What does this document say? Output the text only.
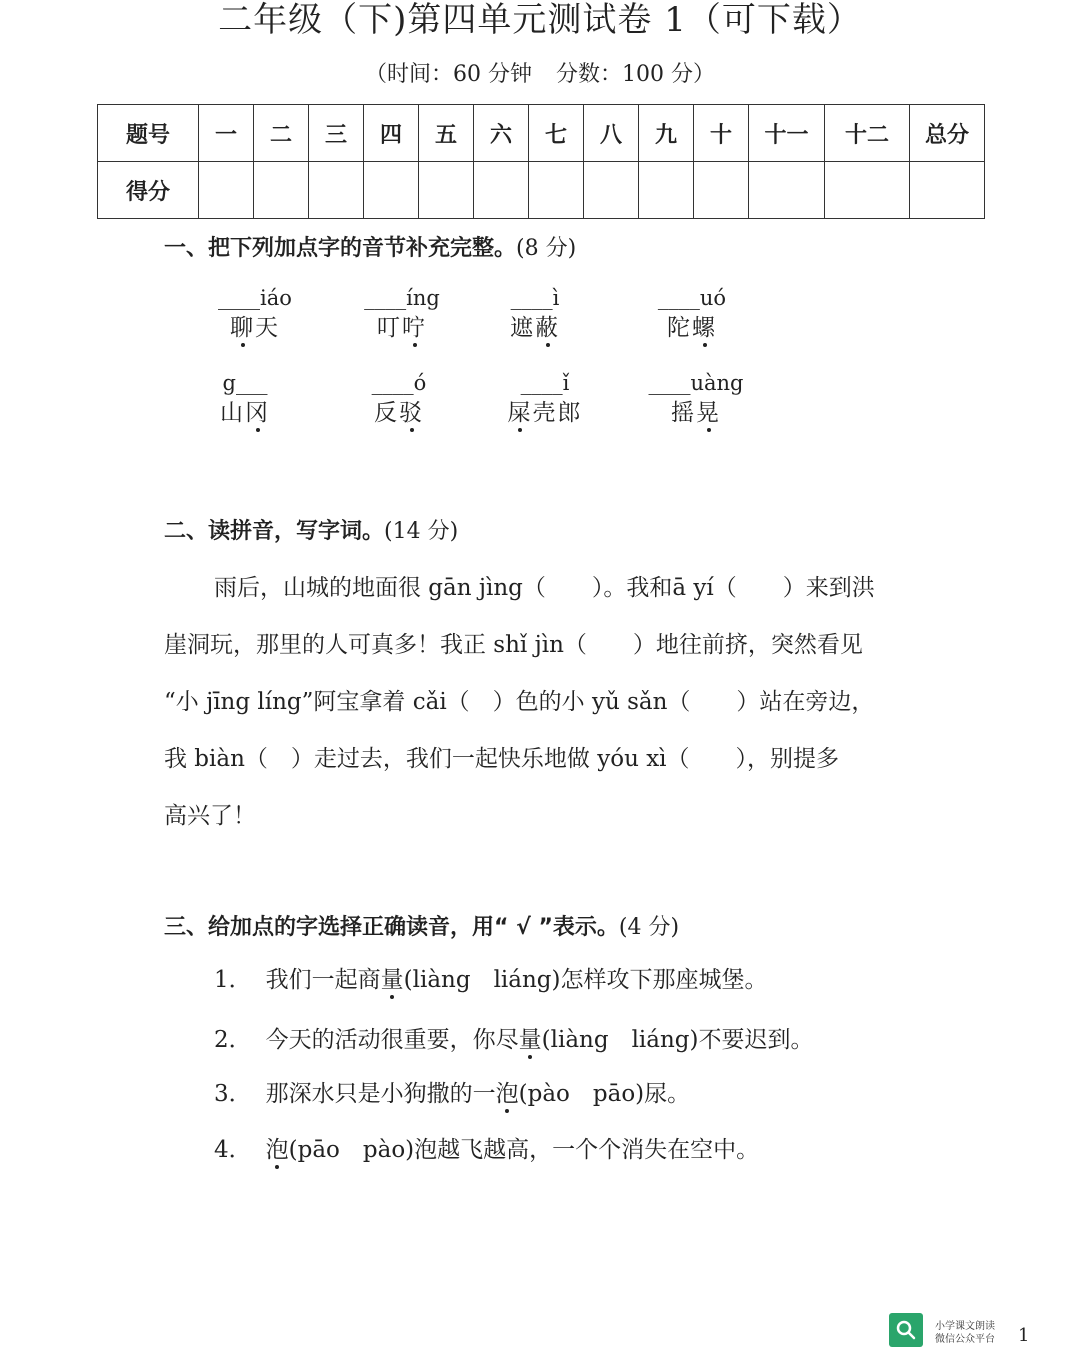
二年级（下)第四单元测试卷 1（可下载）
（时间：60 分钟 分数：100 分）
题号	一	二	三	四	五	六	七	八	九	十	十一	十二	总分
得分													
一、把下列加点字的音节补充完整。(8 分)
____iáo
聊天
____íng
叮咛
____ì
遮蔽
____uó
陀螺
g___
山冈
____ó
反驳
____ǐ
屎壳郎
____uàng
摇晃
二、读拼音，写字词。(14 分)
雨后，山城的地面很 gān jìng（　　）。我和ā yí（　　）来到洪
崖洞玩，那里的人可真多！我正 shǐ jìn（　　）地往前挤，突然看见
“小 jīng líng”阿宝拿着 cǎi（　）色的小 yǔ sǎn（　　）站在旁边，
我 biàn（　）走过去，我们一起快乐地做 yóu xì（　　），别提多
高兴了！
三、给加点的字选择正确读音，用“ √ ”表示。(4 分)
1． 我们一起商量(liàng　liáng)怎样攻下那座城堡。
2． 今天的活动很重要，你尽量(liàng　liáng)不要迟到。
3． 那深水只是小狗撒的一泡(pào　pāo)尿。
4． 泡(pāo　pào)泡越飞越高，一个个消失在空中。
小学课文朗读
微信公众平台 1
